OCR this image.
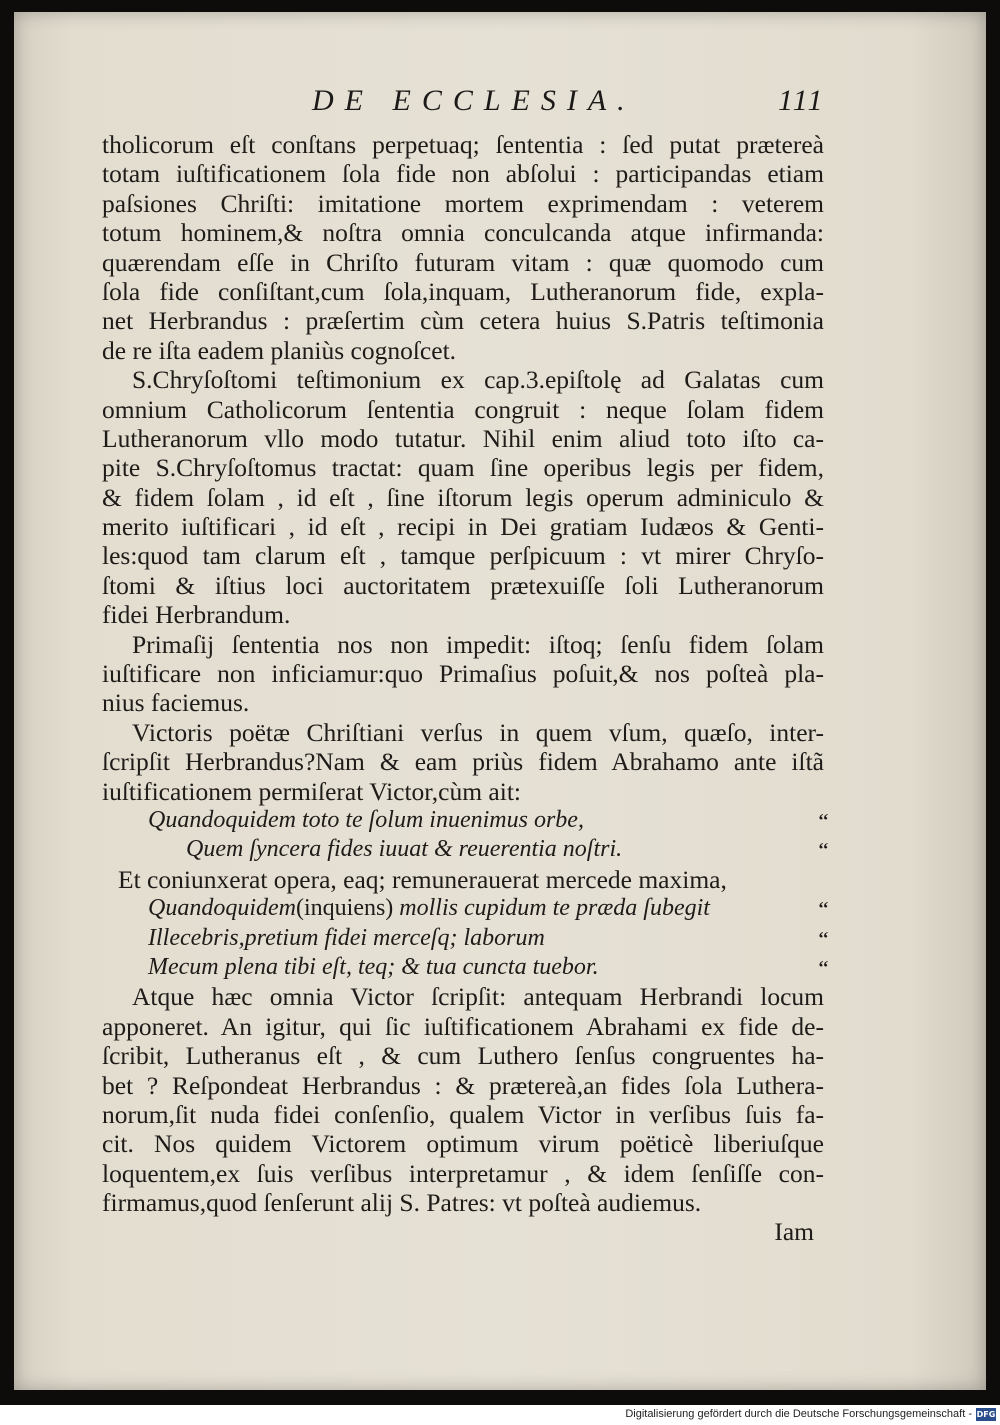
DE ECCLESIA.	111
tholicorum eſt conſtans perpetuaq; ſententia : ſed putat prætereà
totam iuſtificationem ſola fide non abſolui : participandas etiam
paſsiones Chriſti: imitatione mortem exprimendam : veterem
totum hominem,& noſtra omnia conculcanda atque infirmanda:
quærendam eſſe in Chriſto futuram vitam : quæ quomodo cum
ſola fide conſiſtant,cum ſola,inquam, Lutheranorum fide, expla-
net Herbrandus : præſertim cùm cetera huius S.Patris teſtimonia
de re iſta eadem planiùs cognoſcet.
S.Chryſoſtomi teſtimonium ex cap.3.epiſtolę ad Galatas cum
omnium Catholicorum ſententia congruit : neque ſolam fidem
Lutheranorum vllo modo tutatur. Nihil enim aliud toto iſto ca-
pite S.Chryſoſtomus tractat: quam ſine operibus legis per fidem,
& fidem ſolam , id eſt , ſine iſtorum legis operum adminiculo &
merito iuſtificari , id eſt , recipi in Dei gratiam Iudæos & Genti-
les:quod tam clarum eſt , tamque perſpicuum : vt mirer Chryſo-
ſtomi & iſtius loci auctoritatem prætexuiſſe ſoli Lutheranorum
fidei Herbrandum.
Primaſij ſententia nos non impedit: iſtoq; ſenſu fidem ſolam
iuſtificare non inficiamur:quo Primaſius poſuit,& nos poſteà pla-
nius faciemus.
Victoris poëtæ Chriſtiani verſus in quem vſum, quæſo, inter-
ſcripſit Herbrandus?Nam & eam priùs fidem Abrahamo ante iſtã
iuſtificationem permiſerat Victor,cùm ait:
Quandoquidem toto te ſolum inuenimus orbe,	‘‘
Quem ſyncera fides iuuat & reuerentia noſtri.	‘‘
Et coniunxerat opera, eaq; remunerauerat mercede maxima,
Quandoquidem(inquiens) mollis cupidum te præda ſubegit	‘‘
Illecebris,pretium fidei merceſq; laborum	‘‘
Mecum plena tibi eſt, teq; & tua cuncta tuebor.	‘‘
Atque hæc omnia Victor ſcripſit: antequam Herbrandi locum
apponeret. An igitur, qui ſic iuſtificationem Abrahami ex fide de-
ſcribit, Lutheranus eſt , & cum Luthero ſenſus congruentes ha-
bet ? Reſpondeat Herbrandus : & prætereà,an fides ſola Luthera-
norum,ſit nuda fidei conſenſio, qualem Victor in verſibus ſuis fa-
cit. Nos quidem Victorem optimum virum poëticè liberiuſque
loquentem,ex ſuis verſibus interpretamur , & idem ſenſiſſe con-
firmamus,quod ſenſerunt alij S. Patres: vt poſteà audiemus.
Iam
Digitalisierung gefördert durch die Deutsche Forschungsgemeinschaft - DFG
